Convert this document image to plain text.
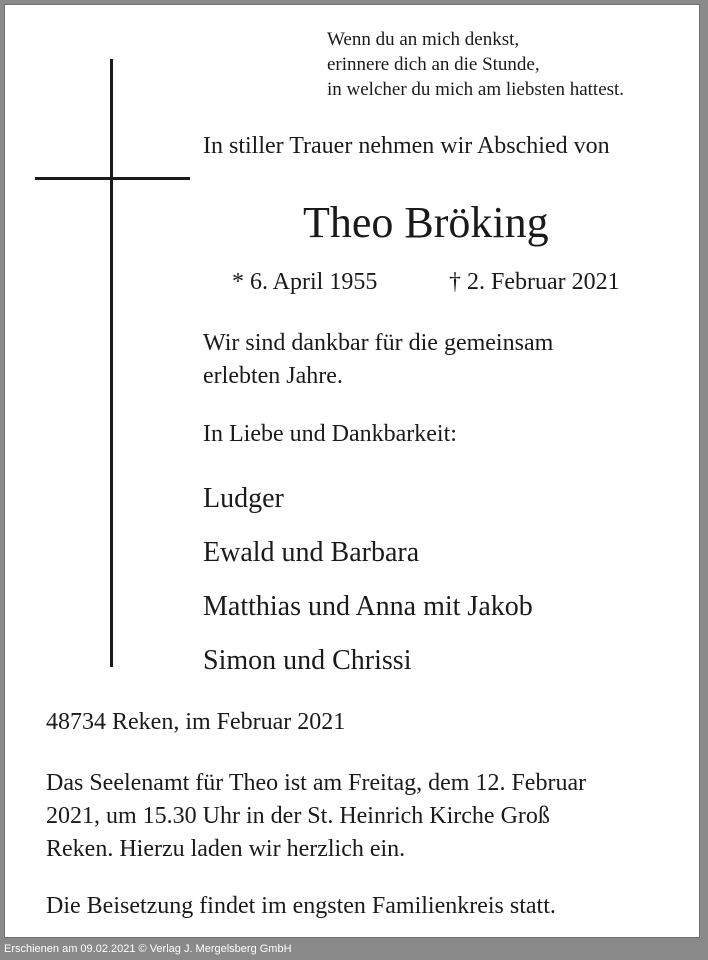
Wenn du an mich denkst,
erinnere dich an die Stunde,
in welcher du mich am liebsten hattest.
In stiller Trauer nehmen wir Abschied von
Theo Bröking
* 6. April 1955	† 2. Februar 2021
Wir sind dankbar für die gemeinsam
erlebten Jahre.
In Liebe und Dankbarkeit:
Ludger
Ewald und Barbara
Matthias und Anna mit Jakob
Simon und Chrissi
48734 Reken, im Februar 2021
Das Seelenamt für Theo ist am Freitag, dem 12. Februar
2021, um 15.30 Uhr in der St. Heinrich Kirche Groß
Reken. Hierzu laden wir herzlich ein.
Die Beisetzung findet im engsten Familienkreis statt.
Erschienen am 09.02.2021 © Verlag J. Mergelsberg GmbH
